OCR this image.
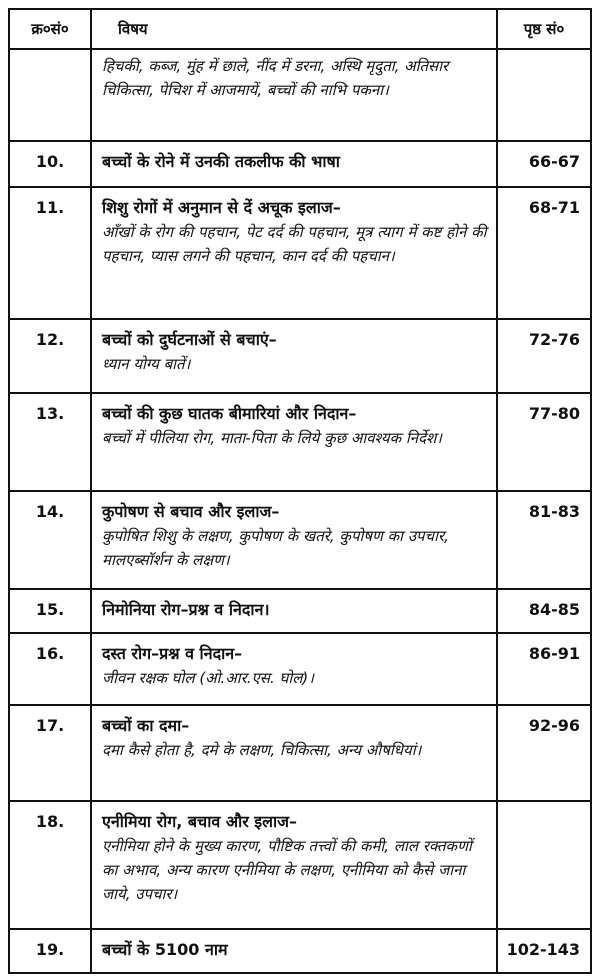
क्र०सं०	विषय	पृष्ठ सं०

	हिचकी, कब्ज, मुंह में छाले, नींद में डरना, अस्थि मृदुता, अतिसार चिकित्सा, पेचिश में आजमायें, बच्चों की नाभि पकना।	

10.	बच्चों के रोने में उनकी तकलीफ की भाषा	66-67
11.	शिशु रोगों में अनुमान से दें अचूक इलाज–
आँखों के रोग की पहचान, पेट दर्द की पहचान, मूत्र त्याग में कष्ट होने की पहचान, प्यास लगने की पहचान, कान दर्द की पहचान।	68-71
12.	बच्चों को दुर्घटनाओं से बचाएं–
ध्यान योग्य बातें।	72-76
13.	बच्चों की कुछ घातक बीमारियां और निदान–
बच्चों में पीलिया रोग, माता-पिता के लिये कुछ आवश्यक निर्देश।	77-80
14.	कुपोषण से बचाव और इलाज–
कुपोषित शिशु के लक्षण, कुपोषण के खतरे, कुपोषण का उपचार, मालएब्सॉर्शन के लक्षण।	81-83
15.	निमोनिया रोग–प्रश्न व निदान।	84-85
16.	दस्त रोग–प्रश्न व निदान–
जीवन रक्षक घोल (ओ.आर.एस. घोल)।	86-91
17.	बच्चों का दमा–
दमा कैसे होता है, दमे के लक्षण, चिकित्सा, अन्य औषधियां।	92-96
18.	एनीमिया रोग, बचाव और इलाज–
एनीमिया होने के मुख्य कारण, पौष्टिक तत्त्वों की कमी, लाल रक्तकणों का अभाव, अन्य कारण एनीमिया के लक्षण, एनीमिया को कैसे जाना जाये, उपचार।	

19.	बच्चों के 5100 नाम	102-143
